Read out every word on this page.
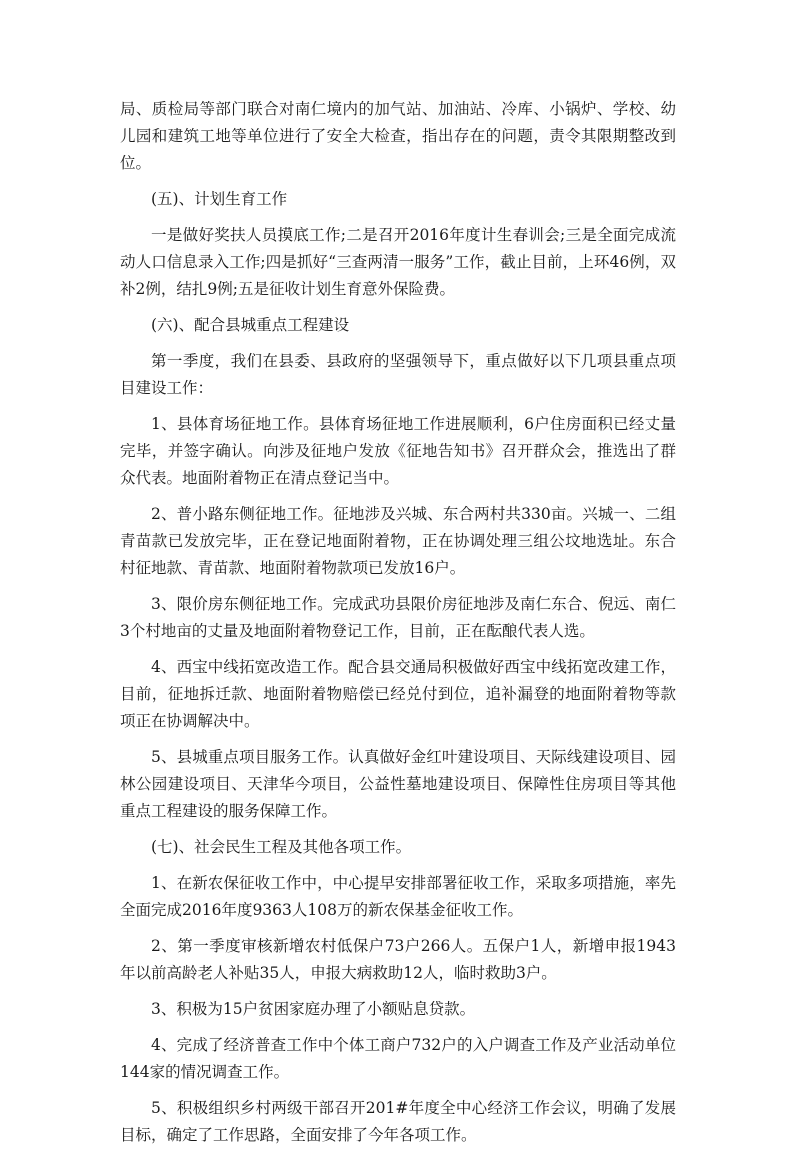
局、质检局等部门联合对南仁境内的加气站、加油站、冷库、小锅炉、学校、幼儿园和建筑工地等单位进行了安全大检查，指出存在的问题，责令其限期整改到位。

(五)、计划生育工作

一是做好奖扶人员摸底工作;二是召开2016年度计生春训会;三是全面完成流动人口信息录入工作;四是抓好“三查两清一服务”工作，截止目前，上环46例，双补2例，结扎9例;五是征收计划生育意外保险费。

(六)、配合县城重点工程建设

第一季度，我们在县委、县政府的坚强领导下，重点做好以下几项县重点项目建设工作：

1、县体育场征地工作。县体育场征地工作进展顺利，6户住房面积已经丈量完毕，并签字确认。向涉及征地户发放《征地告知书》召开群众会，推选出了群众代表。地面附着物正在清点登记当中。

2、普小路东侧征地工作。征地涉及兴城、东合两村共330亩。兴城一、二组青苗款已发放完毕，正在登记地面附着物，正在协调处理三组公坟地选址。东合村征地款、青苗款、地面附着物款项已发放16户。

3、限价房东侧征地工作。完成武功县限价房征地涉及南仁东合、倪远、南仁3个村地亩的丈量及地面附着物登记工作，目前，正在酝酿代表人选。

4、西宝中线拓宽改造工作。配合县交通局积极做好西宝中线拓宽改建工作，目前，征地拆迁款、地面附着物赔偿已经兑付到位，追补漏登的地面附着物等款项正在协调解决中。

5、县城重点项目服务工作。认真做好金红叶建设项目、天际线建设项目、园林公园建设项目、天津华今项目，公益性墓地建设项目、保障性住房项目等其他重点工程建设的服务保障工作。

(七)、社会民生工程及其他各项工作。

1、在新农保征收工作中，中心提早安排部署征收工作，采取多项措施，率先全面完成2016年度9363人108万的新农保基金征收工作。

2、第一季度审核新增农村低保户73户266人。五保户1人，新增申报1943年以前高龄老人补贴35人，申报大病救助12人，临时救助3户。

3、积极为15户贫困家庭办理了小额贴息贷款。

4、完成了经济普查工作中个体工商户732户的入户调查工作及产业活动单位144家的情况调查工作。

5、积极组织乡村两级干部召开201#年度全中心经济工作会议，明确了发展目标，确定了工作思路，全面安排了今年各项工作。
